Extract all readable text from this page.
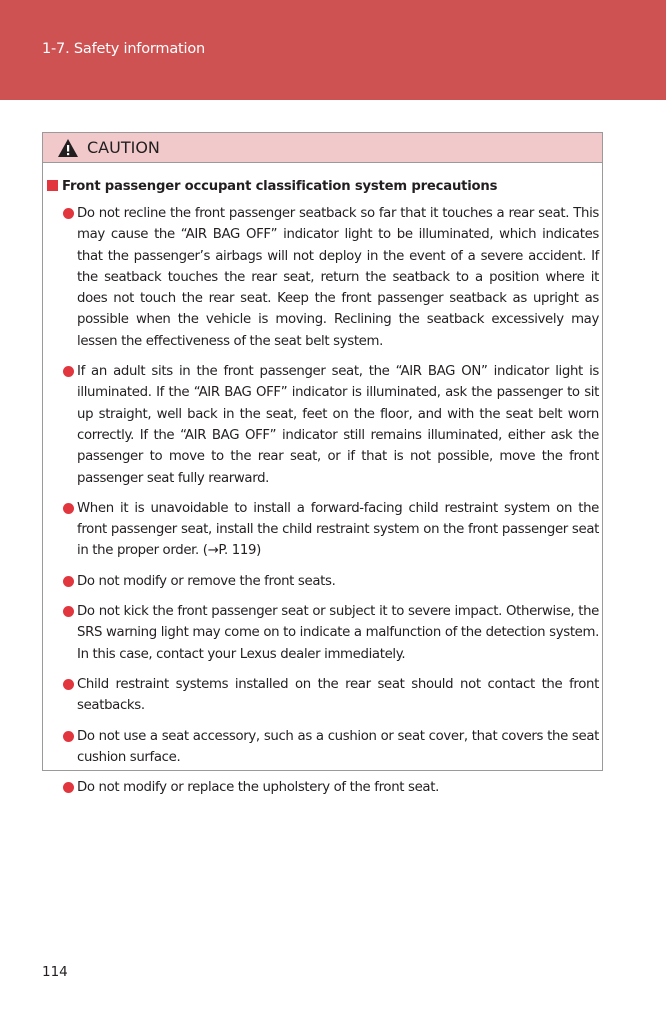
1-7. Safety information
CAUTION
Front passenger occupant classification system precautions
Do not recline the front passenger seatback so far that it touches a rear seat. This may cause the “AIR BAG OFF” indicator light to be illuminated, which indicates that the passenger’s airbags will not deploy in the event of a severe accident. If the seatback touches the rear seat, return the seatback to a position where it does not touch the rear seat. Keep the front passenger seatback as upright as possible when the vehicle is moving. Reclining the seatback excessively may lessen the effectiveness of the seat belt system.
If an adult sits in the front passenger seat, the “AIR BAG ON” indicator light is illuminated. If the “AIR BAG OFF” indicator is illuminated, ask the passenger to sit up straight, well back in the seat, feet on the floor, and with the seat belt worn correctly. If the “AIR BAG OFF” indicator still remains illuminated, either ask the passenger to move to the rear seat, or if that is not possible, move the front passenger seat fully rearward.
When it is unavoidable to install a forward-facing child restraint system on the front passenger seat, install the child restraint system on the front passenger seat in the proper order. (→P. 119)
Do not modify or remove the front seats.
Do not kick the front passenger seat or subject it to severe impact. Otherwise, the SRS warning light may come on to indicate a malfunction of the detection system. In this case, contact your Lexus dealer immediately.
Child restraint systems installed on the rear seat should not contact the front seatbacks.
Do not use a seat accessory, such as a cushion or seat cover, that covers the seat cushion surface.
Do not modify or replace the upholstery of the front seat.
114
